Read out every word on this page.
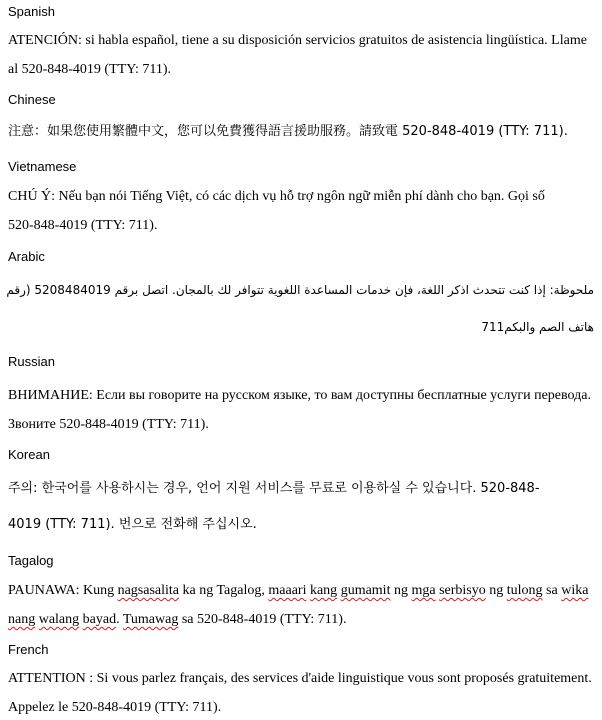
Spanish
ATENCIÓN: si habla español, tiene a su disposición servicios gratuitos de asistencia lingüística. Llame
al 520-848-4019 (TTY: 711).
Chinese
注意：如果您使用繁體中文，您可以免費獲得語言援助服務。請致電 520-848-4019 (TTY: 711).
Vietnamese
CHÚ Ý: Nếu bạn nói Tiếng Việt, có các dịch vụ hỗ trợ ngôn ngữ miễn phí dành cho bạn. Gọi số
520-848-4019 (TTY: 711).
Arabic
ملحوظة: إذا كنت تتحدث اذكر اللغة، فإن خدمات المساعدة اللغوية تتوافر لك بالمجان. اتصل برقم 5208484019 (رقم
هاتف الصم والبكم711
Russian
ВНИМАНИЕ: Если вы говорите на русском языке, то вам доступны бесплатные услуги перевода.
Звоните 520-848-4019 (TTY: 711).
Korean
주의: 한국어를 사용하시는 경우, 언어 지원 서비스를 무료로 이용하실 수 있습니다. 520-848-
4019 (TTY: 711). 번으로 전화해 주십시오.
Tagalog
PAUNAWA: Kung nagsasalita ka ng Tagalog, maaari kang gumamit ng mga serbisyo ng tulong sa wika
nang walang bayad. Tumawag sa 520-848-4019 (TTY: 711).
French
ATTENTION : Si vous parlez français, des services d'aide linguistique vous sont proposés gratuitement.
Appelez le 520-848-4019 (TTY: 711).
